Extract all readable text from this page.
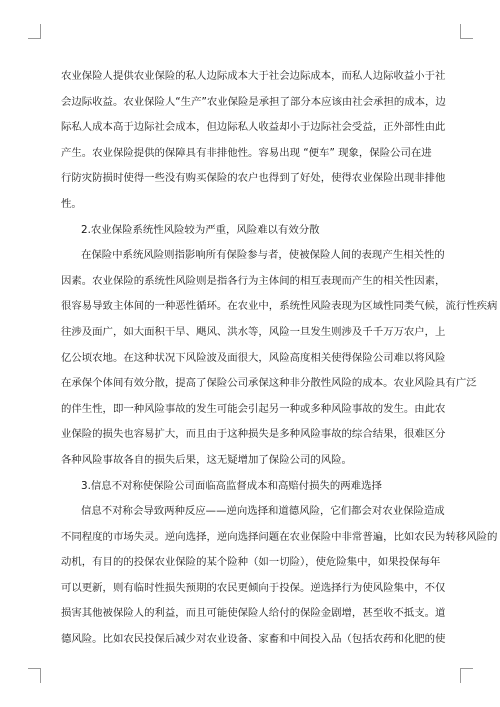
农业保险人提供农业保险的私人边际成本大于社会边际成本，而私人边际收益小于社
会边际收益。农业保险人“生产”农业保险是承担了部分本应该由社会承担的成本，边
际私人成本高于边际社会成本，但边际私人收益却小于边际社会受益，正外部性由此
产生。农业保险提供的保障具有非排他性。容易出现 “便车” 现象，保险公司在进
行防灾防损时使得一些没有购买保险的农户也得到了好处，使得农业保险出现非排他
性。
2.农业保险系统性风险较为严重，风险难以有效分散
在保险中系统风险则指影响所有保险参与者，使被保险人间的表现产生相关性的
因素。农业保险的系统性风险则是指各行为主体间的相互表现而产生的相关性因素，
很容易导致主体间的一种恶性循环。在农业中，系统性风险表现为区域性同类气候，流行性疾病
往涉及面广，如大面积干旱、飓风、洪水等，风险一旦发生则涉及千千万万农户，上
亿公顷农地。在这种状况下风险波及面很大，风险高度相关使得保险公司难以将风险
在承保个体间有效分散，提高了保险公司承保这种非分散性风险的成本。农业风险具有广泛
的伴生性，即一种风险事故的发生可能会引起另一种或多种风险事故的发生。由此农
业保险的损失也容易扩大，而且由于这种损失是多种风险事故的综合结果，很难区分
各种风险事故各自的损失后果，这无疑增加了保险公司的风险。
3.信息不对称使保险公司面临高监督成本和高赔付损失的两难选择
信息不对称会导致两种反应——逆向选择和道德风险，它们都会对农业保险造成
不同程度的市场失灵。逆向选择，逆向选择问题在农业保险中非常普遍，比如农民为转移风险的
动机，有目的的投保农业保险的某个险种（如一切险），使危险集中，如果投保每年
可以更新，则有临时性损失预期的农民更倾向于投保。逆选择行为使风险集中，不仅
损害其他被保险人的利益，而且可能使保险人给付的保险金剧增，甚至收不抵支。道
德风险。比如农民投保后减少对农业设备、家畜和中间投入品（包括农药和化肥的使
